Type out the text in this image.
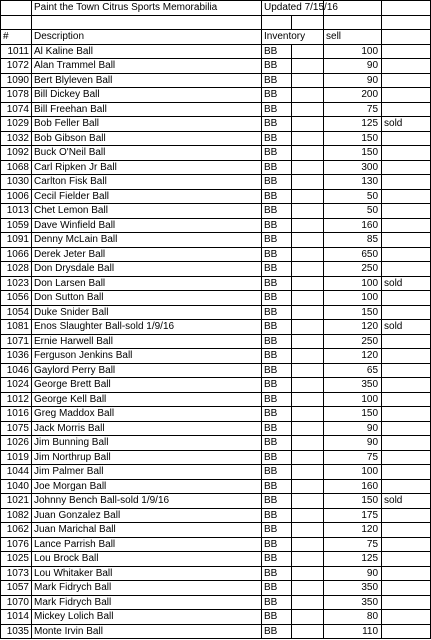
	Paint the Town Citrus Sports Memorabilia	Updated 7/15/16			

#	Description	Inventory		sell	
1011	Al Kaline Ball	BB		100	
1072	Alan Trammel Ball	BB		90	
1090	Bert Blyleven Ball	BB		90	
1078	Bill Dickey Ball	BB		200	
1074	Bill Freehan Ball	BB		75	
1029	Bob Feller Ball	BB		125	sold
1032	Bob Gibson Ball	BB		150	
1092	Buck O'Neil Ball	BB		150	
1068	Carl Ripken Jr Ball	BB		300	
1030	Carlton Fisk Ball	BB		130	
1006	Cecil Fielder Ball	BB		50	
1013	Chet Lemon Ball	BB		50	
1059	Dave Winfield Ball	BB		160	
1091	Denny McLain Ball	BB		85	
1066	Derek Jeter Ball	BB		650	
1028	Don Drysdale Ball	BB		250	
1023	Don Larsen Ball	BB		100	sold
1056	Don Sutton Ball	BB		100	
1054	Duke Snider Ball	BB		150	
1081	Enos Slaughter Ball-sold 1/9/16	BB		120	sold
1071	Ernie Harwell Ball	BB		250	
1036	Ferguson Jenkins Ball	BB		120	
1046	Gaylord Perry Ball	BB		65	
1024	George Brett Ball	BB		350	
1012	George Kell Ball	BB		100	
1016	Greg Maddox Ball	BB		150	
1075	Jack Morris Ball	BB		90	
1026	Jim Bunning Ball	BB		90	
1019	Jim Northrup Ball	BB		75	
1044	Jim Palmer Ball	BB		100	
1040	Joe Morgan Ball	BB		160	
1021	Johnny Bench Ball-sold 1/9/16	BB		150	sold
1082	Juan Gonzalez Ball	BB		175	
1062	Juan Marichal Ball	BB		120	
1076	Lance Parrish Ball	BB		75	
1025	Lou Brock Ball	BB		125	
1073	Lou Whitaker Ball	BB		90	
1057	Mark Fidrych Ball	BB		350	
1070	Mark Fidrych Ball	BB		350	
1014	Mickey Lolich Ball	BB		80	
1035	Monte Irvin Ball	BB		110	
